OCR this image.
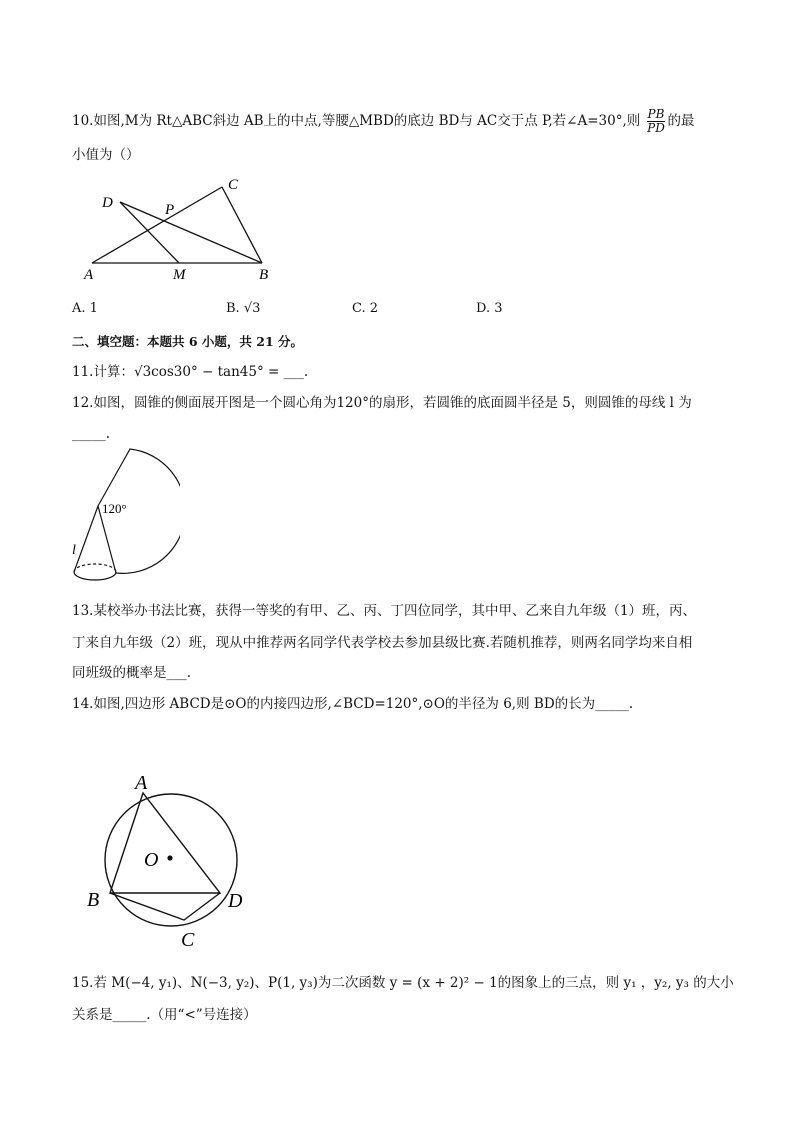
10.如图,M为 Rt△ABC斜边 AB上的中点,等腰△MBD的底边 BD与 AC交于点 P,若∠A=30°,则 $\frac{PB}{PD}$ 的最
小值为（）
D
C
P
A	M	B
A. 1	B. √3	C. 2	D. 3
二、填空题：本题共 6 小题，共 21 分。
11.计算：√3cos30° − tan45° = ___.
12.如图，圆锥的侧面展开图是一个圆心角为120°的扇形，若圆锥的底面圆半径是 5，则圆锥的母线 l 为
_____.
120°
l
13.某校举办书法比赛，获得一等奖的有甲、乙、丙、丁四位同学，其中甲、乙来自九年级（1）班，丙、
丁来自九年级（2）班，现从中推荐两名同学代表学校去参加县级比赛.若随机推荐，则两名同学均来自相
同班级的概率是___.
14.如图,四边形 ABCD是⊙O的内接四边形,∠BCD=120°,⊙O的半径为 6,则 BD的长为_____.
A
O
B
C
D
15.若 M(−4, y₁)、N(−3, y₂)、P(1, y₃)为二次函数 y = (x + 2)² − 1的图象上的三点，则 y₁ ，y₂, y₃ 的大小
关系是_____.（用“<”号连接）
